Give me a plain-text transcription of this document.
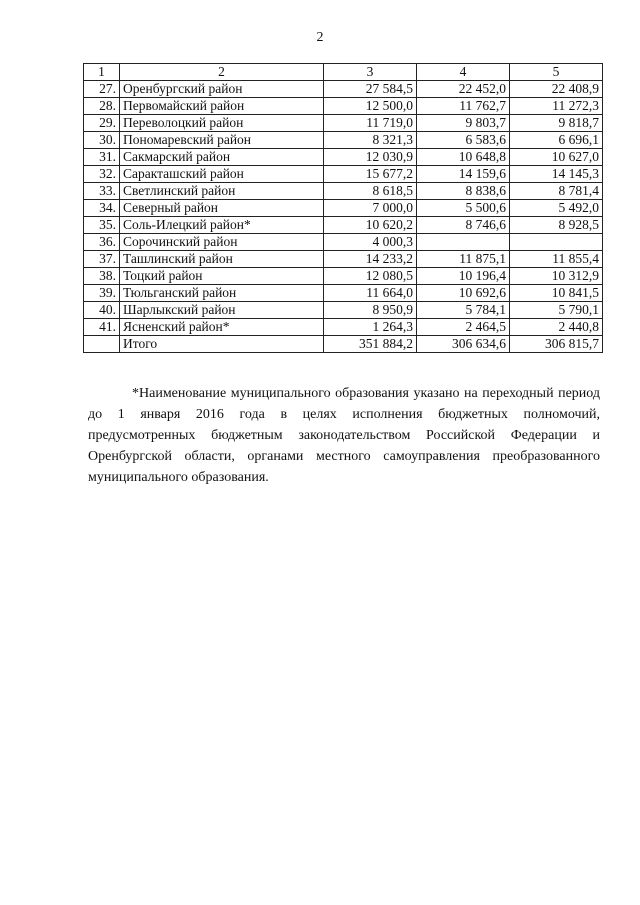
2
1	2	3	4	5
27.	Оренбургский район	27 584,5	22 452,0	22 408,9
28.	Первомайский район	12 500,0	11 762,7	11 272,3
29.	Переволоцкий район	11 719,0	9 803,7	9 818,7
30.	Пономаревский район	8 321,3	6 583,6	6 696,1
31.	Сакмарский район	12 030,9	10 648,8	10 627,0
32.	Саракташский район	15 677,2	14 159,6	14 145,3
33.	Светлинский район	8 618,5	8 838,6	8 781,4
34.	Северный район	7 000,0	5 500,6	5 492,0
35.	Соль-Илецкий район*	10 620,2	8 746,6	8 928,5
36.	Сорочинский район	4 000,3		
37.	Ташлинский район	14 233,2	11 875,1	11 855,4
38.	Тоцкий район	12 080,5	10 196,4	10 312,9
39.	Тюльганский район	11 664,0	10 692,6	10 841,5
40.	Шарлыкский район	8 950,9	5 784,1	5 790,1
41.	Ясненский район*	1 264,3	2 464,5	2 440,8
	Итого	351 884,2	306 634,6	306 815,7

*Наименование муниципального образования указано на переходный период до 1 января 2016 года в целях исполнения бюджетных полномочий, предусмотренных бюджетным законодательством Российской Федерации и Оренбургской области, органами местного самоуправления преобразованного муниципального образования.
